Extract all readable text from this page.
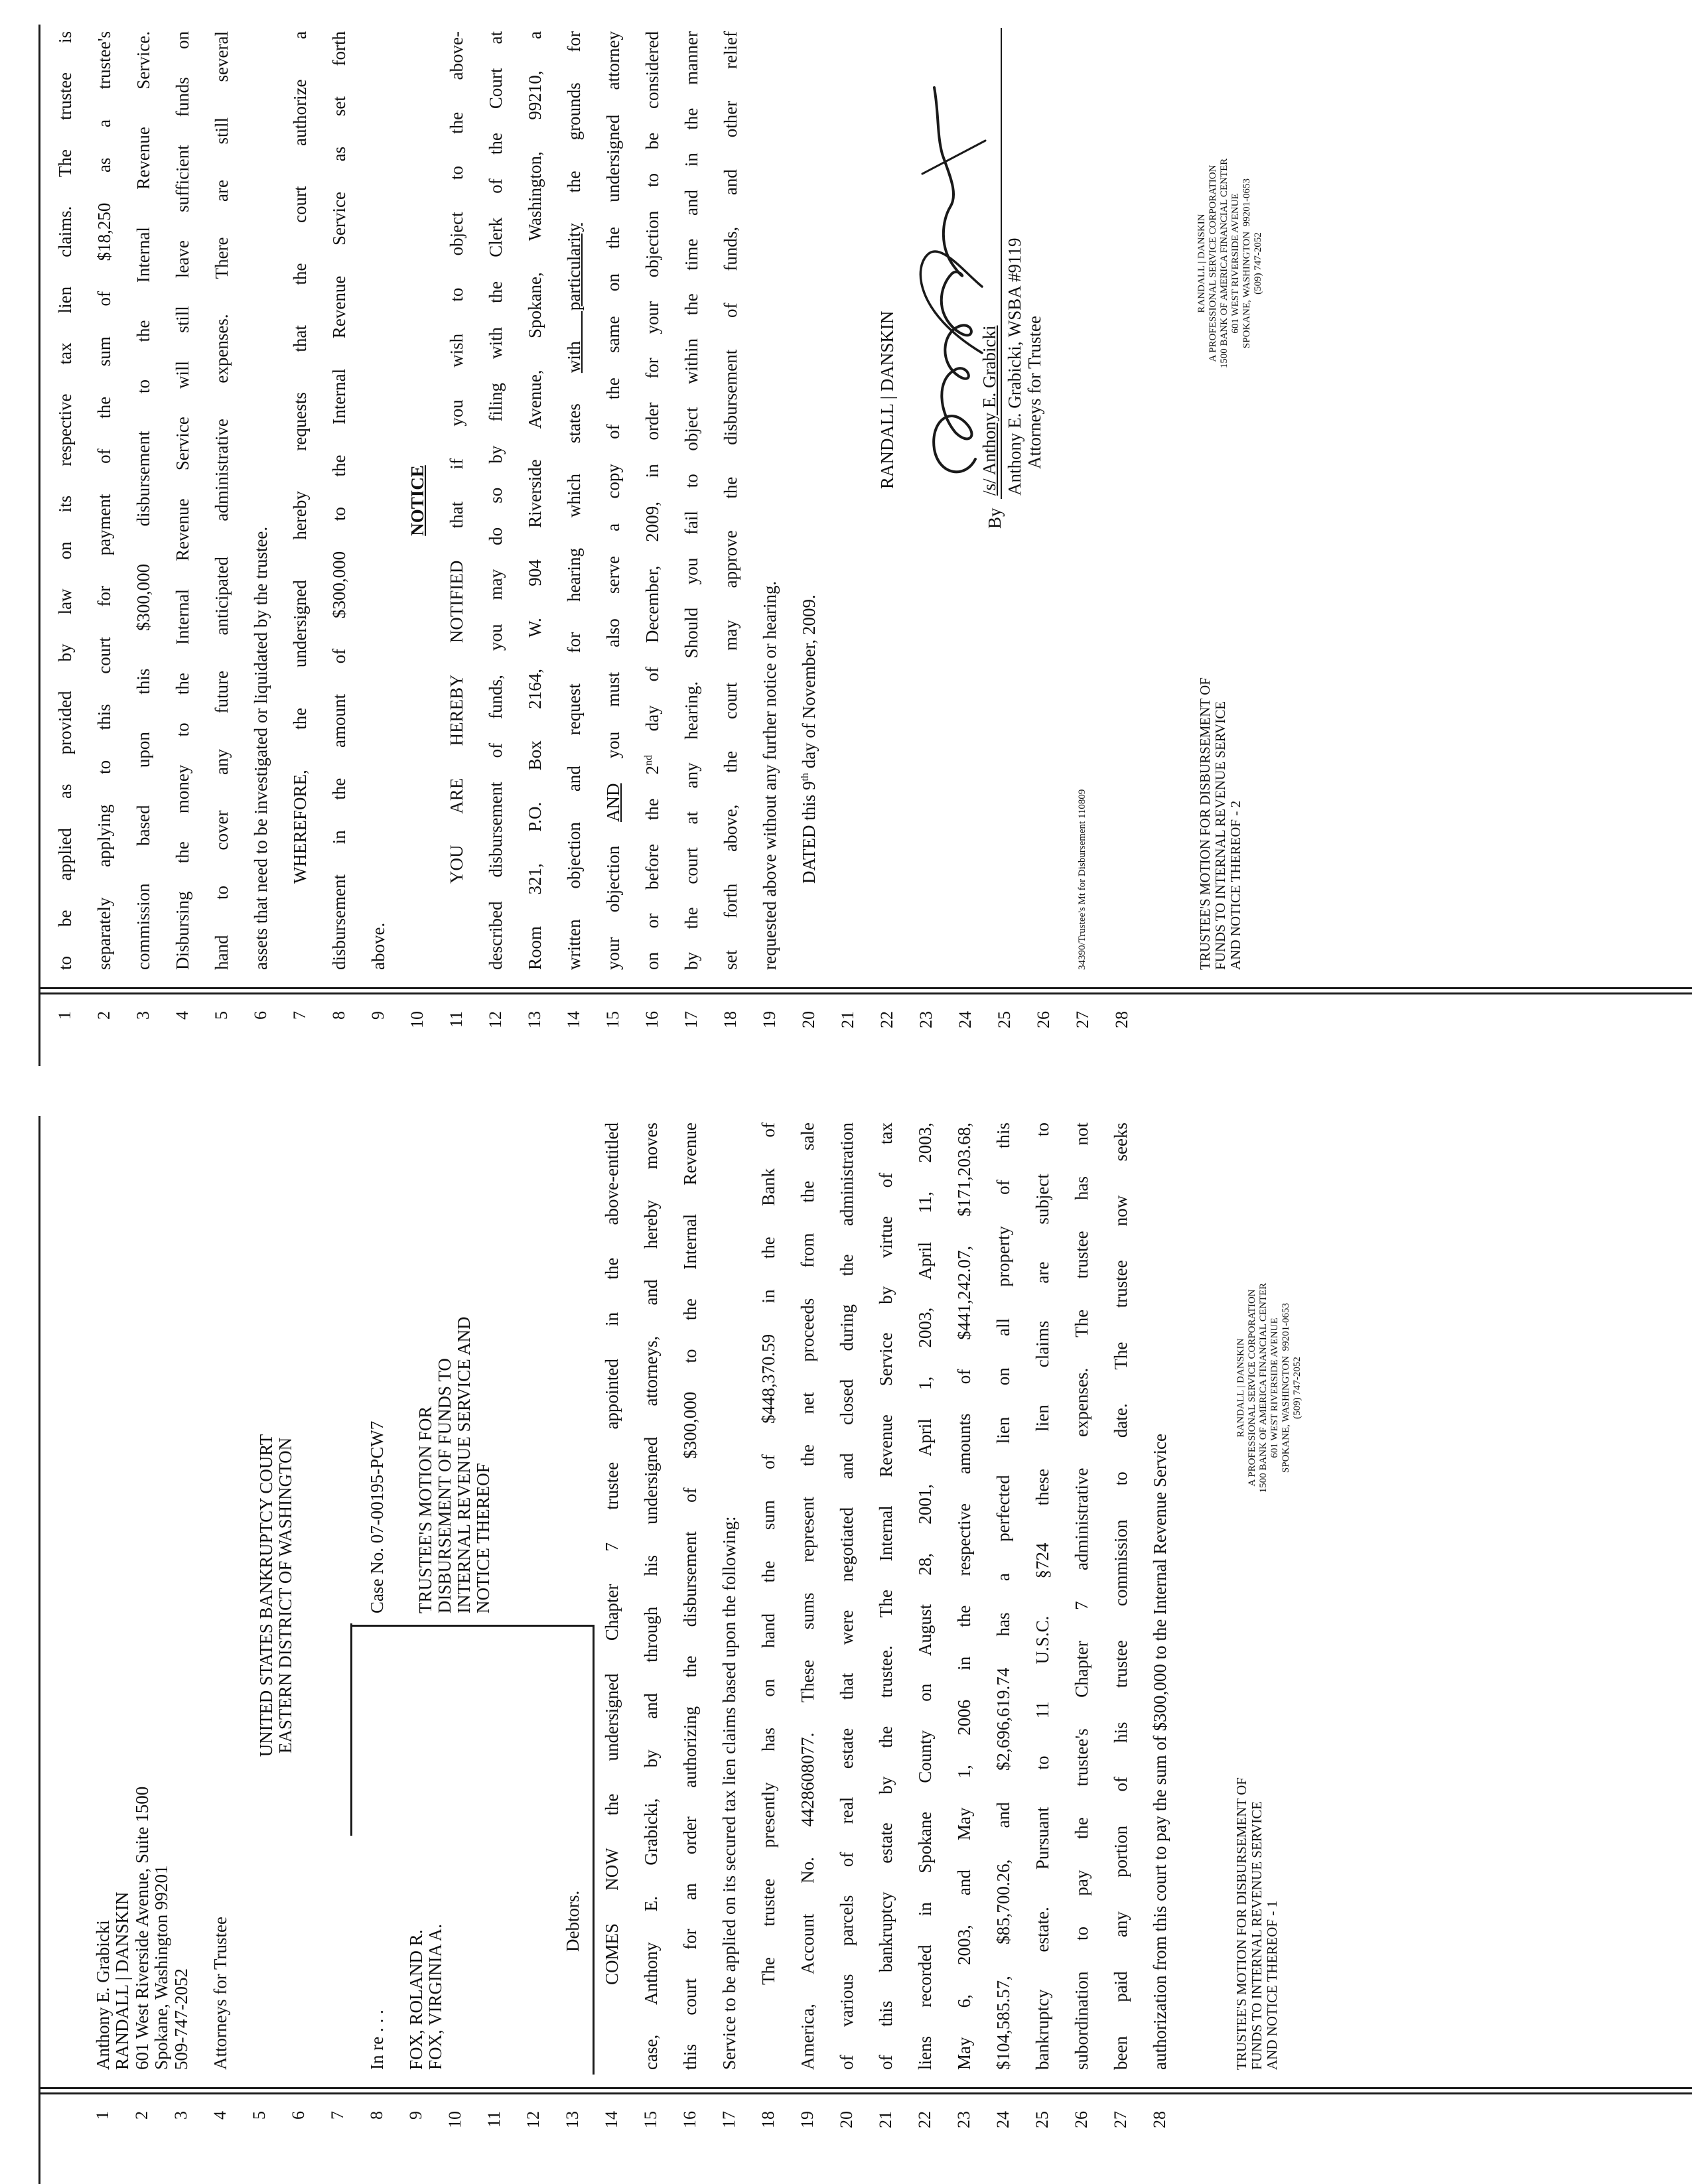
1 2 3 4 5 6 7 8 9 10 11 12 13 14 15 16 17 18 19 20 21 22 23 24 25 26 27 28
Anthony E. Grabicki RANDALL | DANSKIN 601 West Riverside Avenue, Suite 1500 Spokane, Washington 99201 509-747-2052 Attorneys for Trustee
UNITED STATES BANKRUPTCY COURT EASTERN DISTRICT OF WASHINGTON
In re . . . FOX, ROLAND R. FOX, VIRGINIA A.
Debtors.
Case No. 07-00195-PCW7 TRUSTEE'S MOTION FOR DISBURSEMENT OF FUNDS TO INTERNAL REVENUE SERVICE AND NOTICE THEREOF	COMES NOW the undersigned Chapter 7 trustee appointed in the above-entitled case, Anthony E. Grabicki, by and through his undersigned attorneys, and hereby moves this court for an order authorizing the disbursement of $300,000 to the Internal Revenue Service to be applied on its secured tax lien claims based upon the following: The trustee presently has on hand the sum of $448,370.59 in the Bank of America, Account No. 4428608077. These sums represent the net proceeds from the sale of various parcels of real estate that were negotiated and closed during the administration of this bankruptcy estate by the trustee. The Internal Revenue Service by virtue of tax liens recorded in Spokane County on August 28, 2001, April 1, 2003, April 11, 2003, May 6, 2003, and May 1, 2006 in the respective amounts of $441,242.07, $171,203.68, $104,585.57, $85,700.26, and $2,696,619.74 has a perfected lien on all property of this bankruptcy estate. Pursuant to 11 U.S.C. §724 these lien claims are subject to subordination to pay the trustee's Chapter 7 administrative expenses. The trustee has not been paid any portion of his trustee commission to date. The trustee now seeks authorization from this court to pay the sum of $300,000 to the Internal Revenue Service	TRUSTEE'S MOTION FOR DISBURSEMENT OF FUNDS TO INTERNAL REVENUE SERVICE AND NOTICE THEREOF - 1
RANDALL | DANSKIN A PROFESSIONAL SERVICE CORPORATION 1500 BANK OF AMERICA FINANCIAL CENTER 601 WEST RIVERSIDE AVENUE SPOKANE, WASHINGTON  99201-0653 (509) 747-2052
1 2 3 4 5 6 7 8 9 10 11 12 13 14 15 16 17 18 19 20 21 22 23 24 25 26 27 28
to be applied as provided by law on its respective tax lien claims. The trustee is separately applying to this court for payment of the sum of $18,250 as a trustee's commission based upon this $300,000 disbursement to the Internal Revenue Service. Disbursing the money to the Internal Revenue Service will still leave sufficient funds on hand to cover any future anticipated administrative expenses. There are still several assets that need to be investigated or liquidated by the trustee. WHEREFORE, the undersigned hereby requests that the court authorize a disbursement in the amount of $300,000 to the Internal Revenue Service as set forth above.
NOTICE YOU ARE HEREBY NOTIFIED that if you wish to object to the above- described disbursement of funds, you may do so by filing with the Clerk of the Court at Room 321, P.O. Box 2164, W. 904 Riverside Avenue, Spokane, Washington, 99210, a written objection and request for hearing which states with particularity the grounds for
your objection AND you must also serve a copy of the same on the undersigned attorney
on or before the 2nd day of December, 2009, in order for your objection to be considered by the court at any hearing. Should you fail to object within the time and in the manner set forth above, the court may approve the disbursement of funds, and other relief requested above without any further notice or hearing. DATED this 9th day of November, 2009.
RANDALL | DANSKIN
By
/s/ Anthony E. Grabicki Anthony E. Grabicki, WSBA #9119 Attorneys for Trustee
34390/Trustee's Mt for Disbursement 110809	TRUSTEE'S MOTION FOR DISBURSEMENT OF FUNDS TO INTERNAL REVENUE SERVICE AND NOTICE THEREOF - 2
RANDALL | DANSKIN A PROFESSIONAL SERVICE CORPORATION 1500 BANK OF AMERICA FINANCIAL CENTER 601 WEST RIVERSIDE AVENUE SPOKANE, WASHINGTON  99201-0653 (509) 747-2052
